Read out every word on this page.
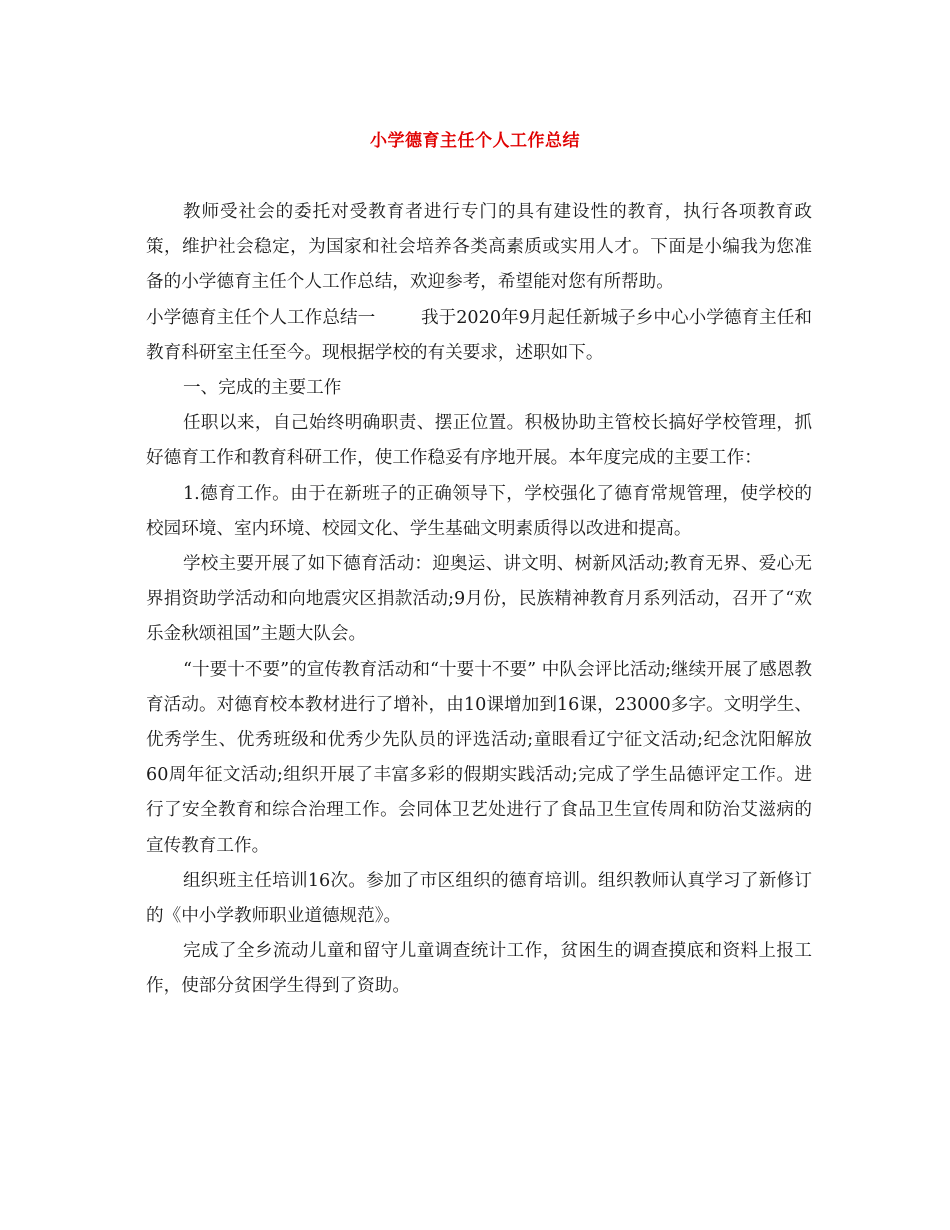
小学德育主任个人工作总结

教师受社会的委托对受教育者进行专门的具有建设性的教育，执行各项教育政策，维护社会稳定，为国家和社会培养各类高素质或实用人才。下面是小编我为您准备的小学德育主任个人工作总结，欢迎参考，希望能对您有所帮助。

小学德育主任个人工作总结一	我于2020年9月起任新城子乡中心小学德育主任和教育科研室主任至今。现根据学校的有关要求，述职如下。

一、完成的主要工作

任职以来，自己始终明确职责、摆正位置。积极协助主管校长搞好学校管理，抓好德育工作和教育科研工作，使工作稳妥有序地开展。本年度完成的主要工作：

1.德育工作。由于在新班子的正确领导下，学校强化了德育常规管理，使学校的校园环境、室内环境、校园文化、学生基础文明素质得以改进和提高。

学校主要开展了如下德育活动：迎奥运、讲文明、树新风活动;教育无界、爱心无界捐资助学活动和向地震灾区捐款活动;9月份，民族精神教育月系列活动，召开了“欢乐金秋颂祖国”主题大队会。

“十要十不要”的宣传教育活动和“十要十不要” 中队会评比活动;继续开展了感恩教育活动。对德育校本教材进行了增补，由10课增加到16课，23000多字。文明学生、优秀学生、优秀班级和优秀少先队员的评选活动;童眼看辽宁征文活动;纪念沈阳解放60周年征文活动;组织开展了丰富多彩的假期实践活动;完成了学生品德评定工作。进行了安全教育和综合治理工作。会同体卫艺处进行了食品卫生宣传周和防治艾滋病的宣传教育工作。

组织班主任培训16次。参加了市区组织的德育培训。组织教师认真学习了新修订的《中小学教师职业道德规范》。

完成了全乡流动儿童和留守儿童调查统计工作，贫困生的调查摸底和资料上报工作，使部分贫困学生得到了资助。
